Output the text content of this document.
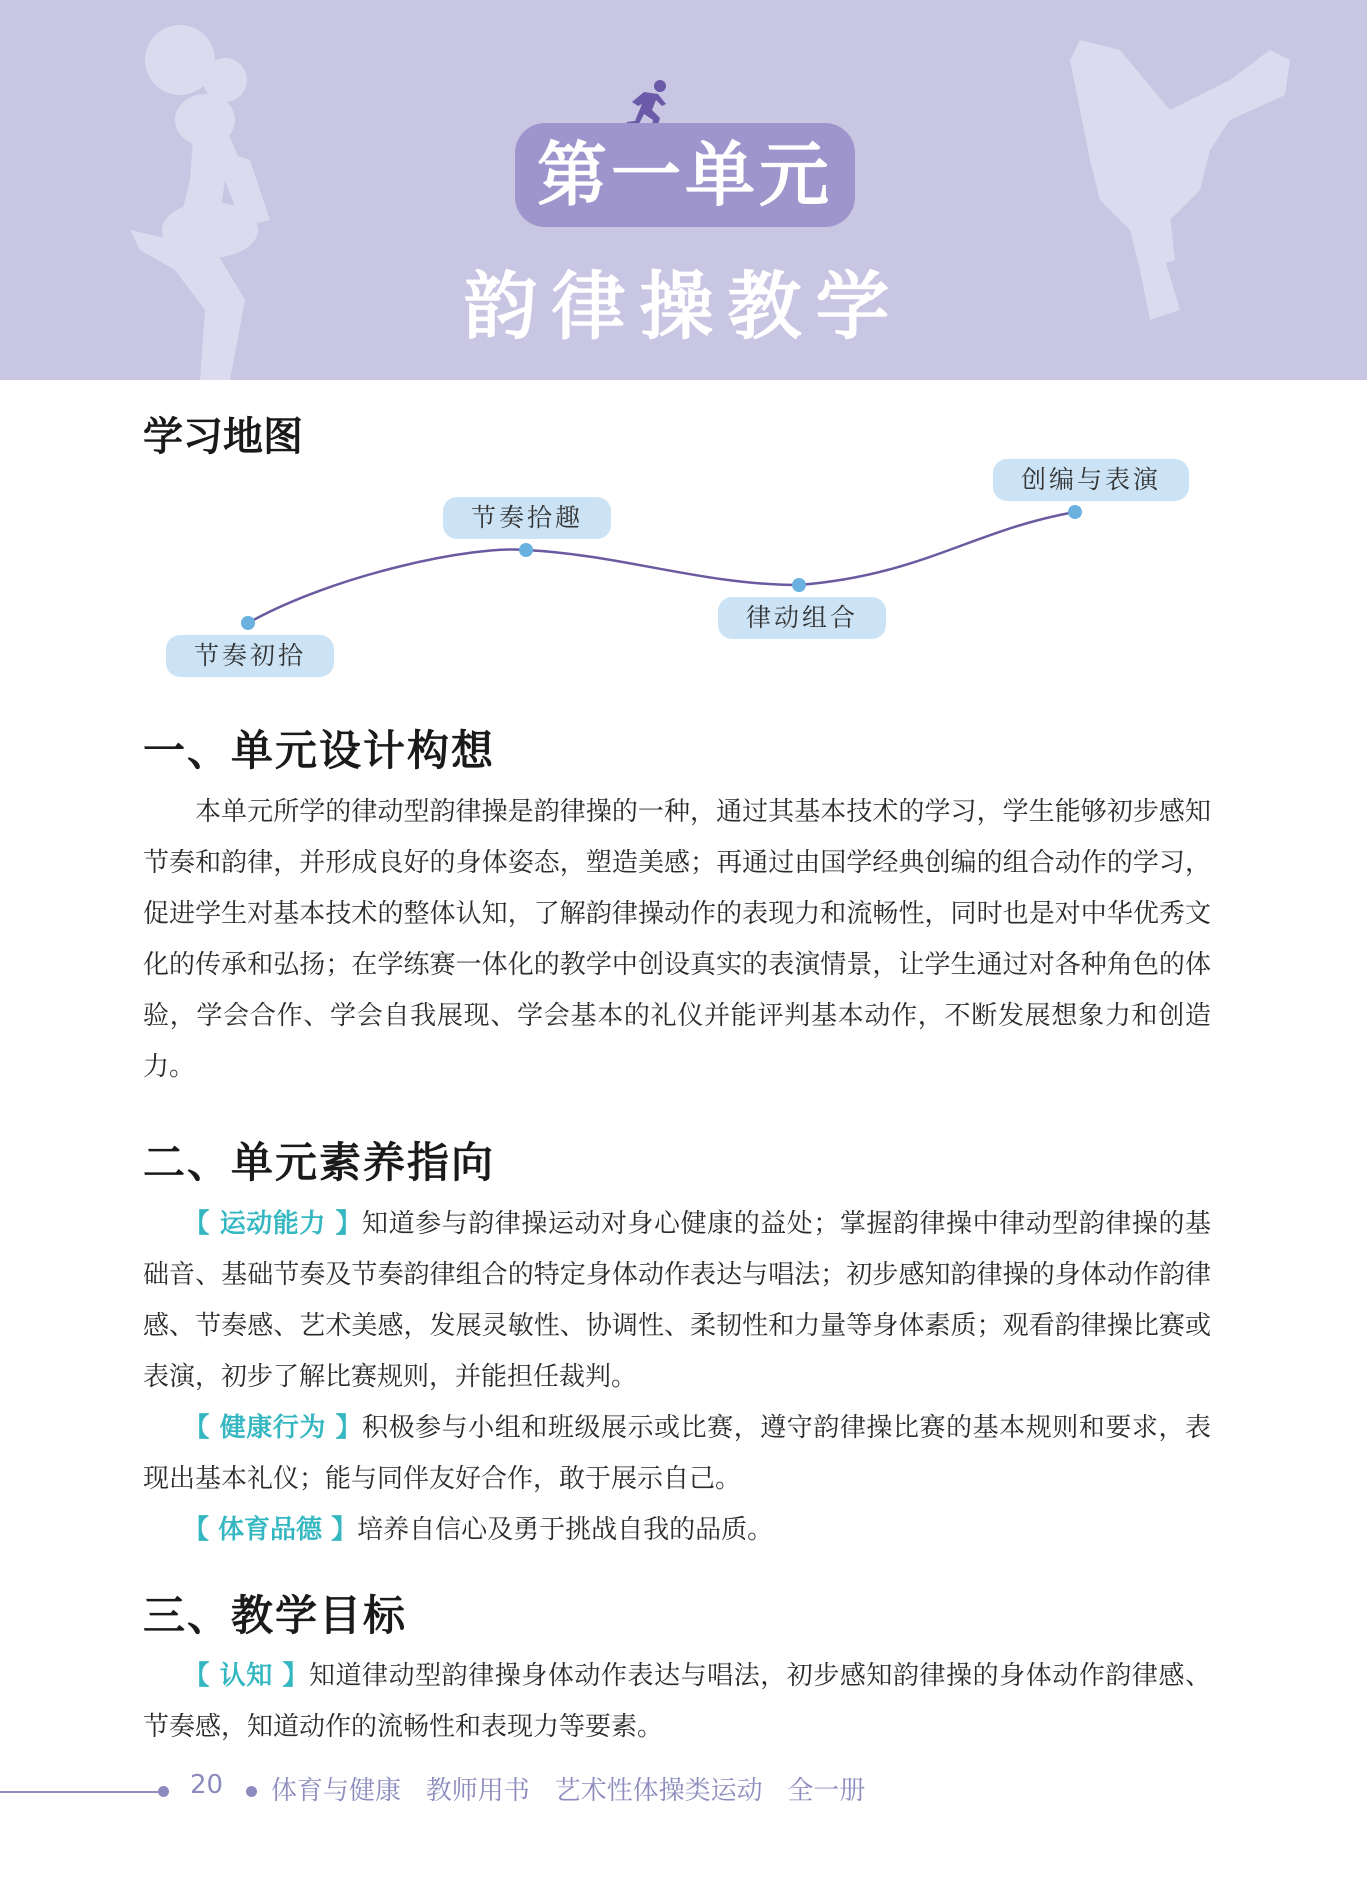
第一单元
韵律操教学
学习地图
节奏初拾
节奏拾趣
律动组合
创编与表演
一、单元设计构想
本单元所学的律动型韵律操是韵律操的一种，通过其基本技术的学习，学生能够初步感知节奏和韵律，并形成良好的身体姿态，塑造美感；再通过由国学经典创编的组合动作的学习，促进学生对基本技术的整体认知，了解韵律操动作的表现力和流畅性，同时也是对中华优秀文化的传承和弘扬；在学练赛一体化的教学中创设真实的表演情景，让学生通过对各种角色的体验，学会合作、学会自我展现、学会基本的礼仪并能评判基本动作，不断发展想象力和创造力。
二、单元素养指向
【 运动能力 】知道参与韵律操运动对身心健康的益处；掌握韵律操中律动型韵律操的基础音、基础节奏及节奏韵律组合的特定身体动作表达与唱法；初步感知韵律操的身体动作韵律感、节奏感、艺术美感，发展灵敏性、协调性、柔韧性和力量等身体素质；观看韵律操比赛或表演，初步了解比赛规则，并能担任裁判。
【 健康行为 】积极参与小组和班级展示或比赛，遵守韵律操比赛的基本规则和要求，表现出基本礼仪；能与同伴友好合作，敢于展示自己。
【 体育品德 】培养自信心及勇于挑战自我的品质。
三、教学目标
【 认知 】知道律动型韵律操身体动作表达与唱法，初步感知韵律操的身体动作韵律感、节奏感，知道动作的流畅性和表现力等要素。
20 体育与健康   教师用书   艺术性体操类运动   全一册
